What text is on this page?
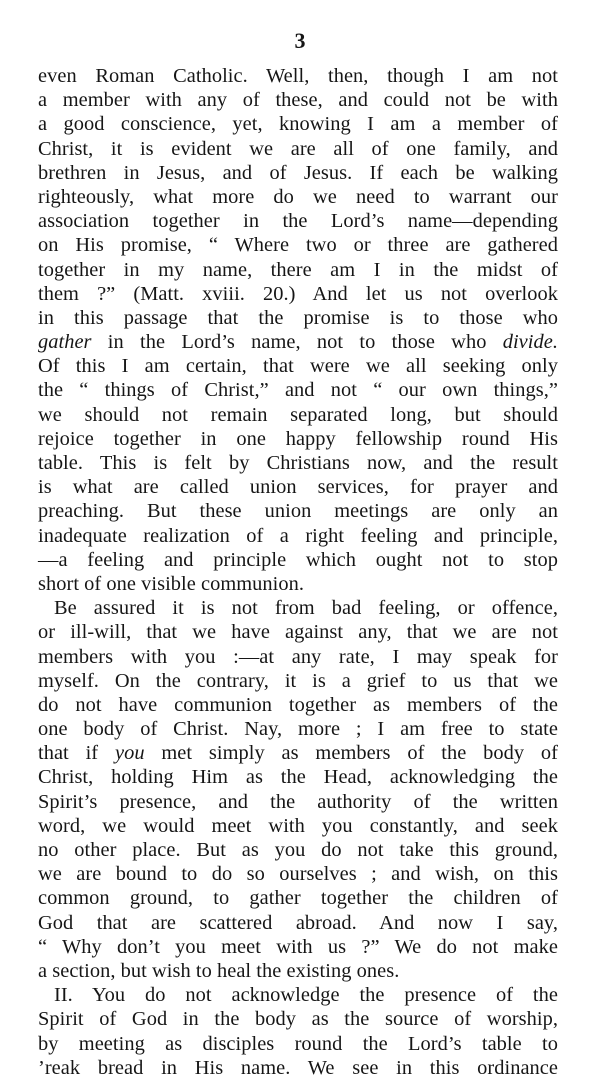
3
even Roman Catholic. Well, then, though I am not
a member with any of these, and could not be with
a good conscience, yet, knowing I am a member of
Christ, it is evident we are all of one family, and
brethren in Jesus, and of Jesus. If each be walking
righteously, what more do we need to warrant our
association together in the Lord’s name—depending
on His promise, “ Where two or three are gathered
together in my name, there am I in the midst of
them ?” (Matt. xviii. 20.) And let us not overlook
in this passage that the promise is to those who
gather in the Lord’s name, not to those who divide.
Of this I am certain, that were we all seeking only
the “ things of Christ,” and not “ our own things,”
we should not remain separated long, but should
rejoice together in one happy fellowship round His
table. This is felt by Christians now, and the result
is what are called union services, for prayer and
preaching. But these union meetings are only an
inadequate realization of a right feeling and principle,
—a feeling and principle which ought not to stop
short of one visible communion.
Be assured it is not from bad feeling, or offence,
or ill-will, that we have against any, that we are not
members with you :—at any rate, I may speak for
myself. On the contrary, it is a grief to us that we
do not have communion together as members of the
one body of Christ. Nay, more ; I am free to state
that if you met simply as members of the body of
Christ, holding Him as the Head, acknowledging the
Spirit’s presence, and the authority of the written
word, we would meet with you constantly, and seek
no other place. But as you do not take this ground,
we are bound to do so ourselves ; and wish, on this
common ground, to gather together the children of
God that are scattered abroad. And now I say,
“ Why don’t you meet with us ?” We do not make
a section, but wish to heal the existing ones.
II. You do not acknowledge the presence of the
Spirit of God in the body as the source of worship,
by meeting as disciples round the Lord’s table to
’reak bread in His name. We see in this ordinance
